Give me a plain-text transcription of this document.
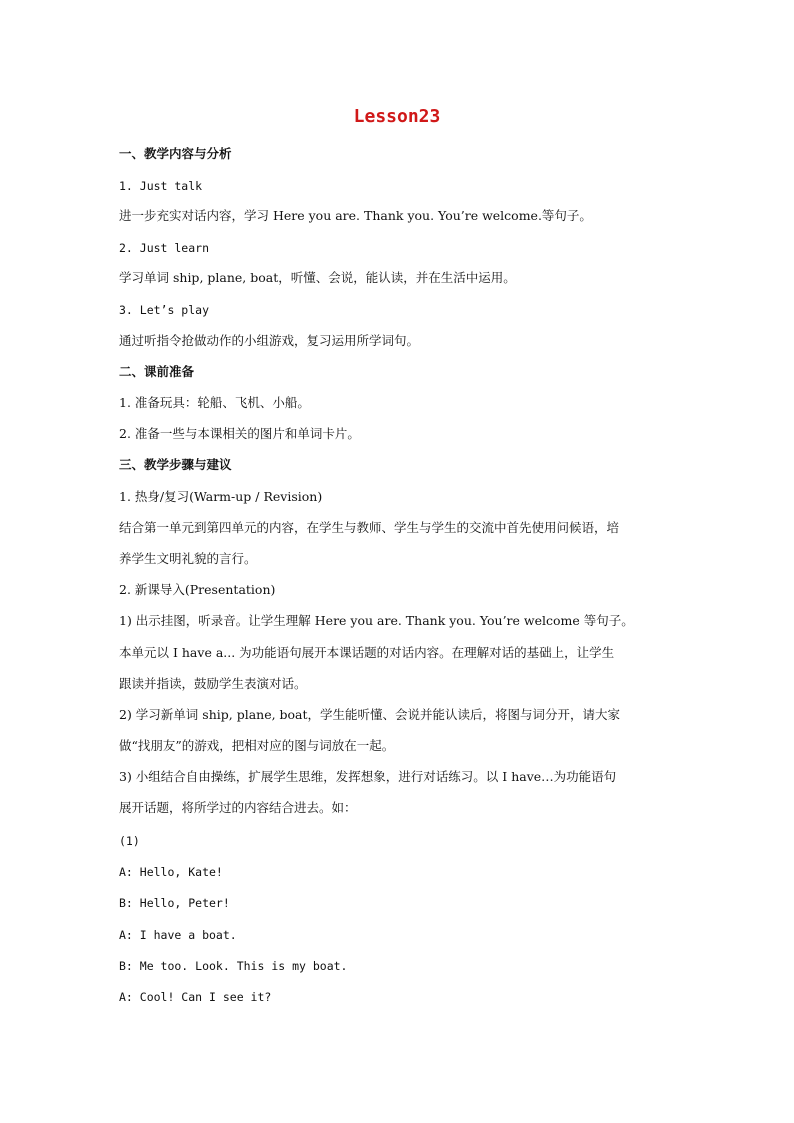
Lesson23
一、教学内容与分析
1. Just talk
进一步充实对话内容，学习 Here you are. Thank you. You’re welcome.等句子。
2. Just learn
学习单词 ship, plane, boat，听懂、会说，能认读，并在生活中运用。
3. Let’s play
通过听指令抢做动作的小组游戏，复习运用所学词句。
二、课前准备
1. 准备玩具：轮船、飞机、小船。
2. 准备一些与本课相关的图片和单词卡片。
三、教学步骤与建议
1. 热身/复习(Warm-up / Revision)
结合第一单元到第四单元的内容，在学生与教师、学生与学生的交流中首先使用问候语，培
养学生文明礼貌的言行。
2. 新课导入(Presentation)
1) 出示挂图，听录音。让学生理解 Here you are. Thank you. You’re welcome 等句子。
本单元以 I have a... 为功能语句展开本课话题的对话内容。在理解对话的基础上，让学生
跟读并指读，鼓励学生表演对话。
2) 学习新单词 ship, plane, boat，学生能听懂、会说并能认读后，将图与词分开，请大家
做“找朋友”的游戏，把相对应的图与词放在一起。
3) 小组结合自由操练，扩展学生思维，发挥想象，进行对话练习。以 I have…为功能语句
展开话题，将所学过的内容结合进去。如：
(1)
A: Hello, Kate!
B: Hello, Peter!
A: I have a boat.
B: Me too. Look. This is my boat.
A: Cool! Can I see it?
